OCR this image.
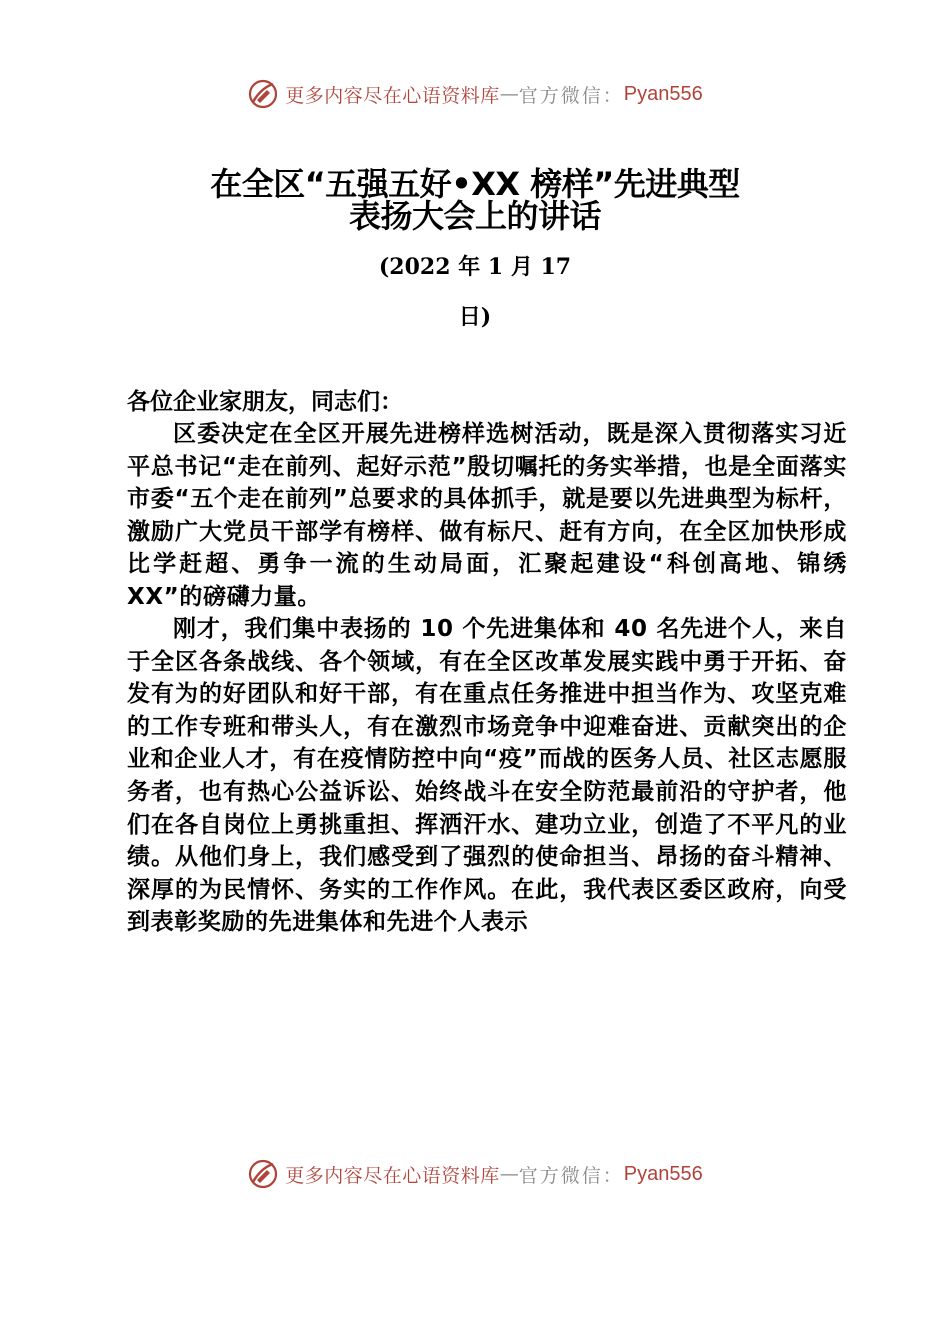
更多内容尽在心语资料库 — 官方微信： Pyan556
在全区“五强五好•XX 榜样”先进典型
表扬大会上的讲话
(2022 年 1 月 17
日)
各位企业家朋友，同志们：

区委决定在全区开展先进榜样选树活动，既是深入贯彻落实习近平总书记“走在前列、起好示范”殷切嘱托的务实举措，也是全面落实市委“五个走在前列”总要求的具体抓手，就是要以先进典型为标杆，激励广大党员干部学有榜样、做有标尺、赶有方向，在全区加快形成比学赶超、勇争一流的生动局面，汇聚起建设“科创高地、锦绣 XX”的磅礴力量。

刚才，我们集中表扬的 10 个先进集体和 40 名先进个人，来自于全区各条战线、各个领域，有在全区改革发展实践中勇于开拓、奋发有为的好团队和好干部，有在重点任务推进中担当作为、攻坚克难的工作专班和带头人，有在激烈市场竞争中迎难奋进、贡献突出的企业和企业人才，有在疫情防控中向“疫”而战的医务人员、社区志愿服务者，也有热心公益诉讼、始终战斗在安全防范最前沿的守护者，他们在各自岗位上勇挑重担、挥洒汗水、建功立业，创造了不平凡的业绩。从他们身上，我们感受到了强烈的使命担当、昂扬的奋斗精神、深厚的为民情怀、务实的工作作风。在此，我代表区委区政府，向受到表彰奖励的先进集体和先进个人表示

更多内容尽在心语资料库 — 官方微信： Pyan556
